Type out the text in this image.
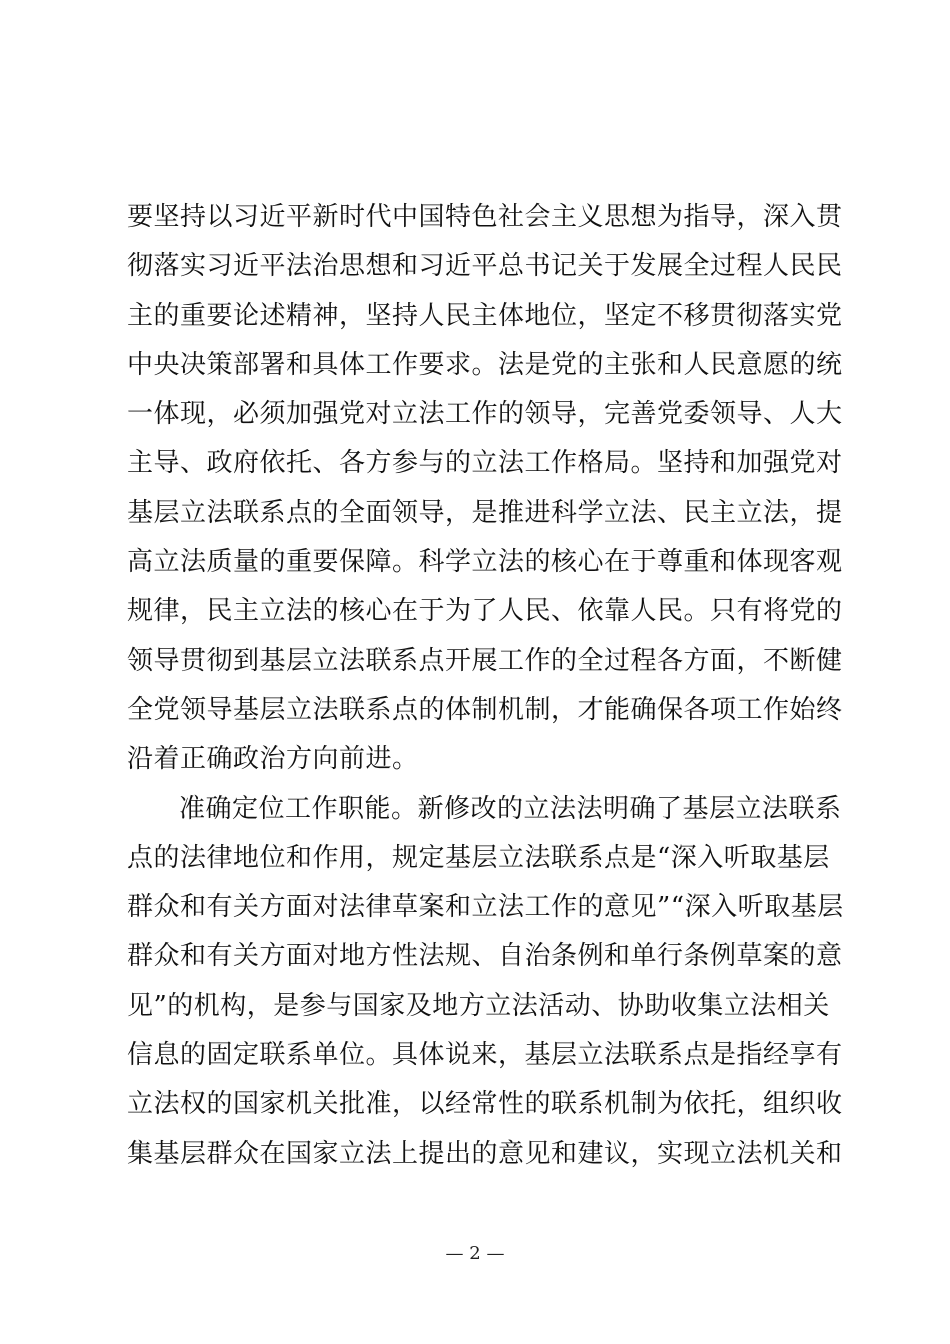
要坚持以习近平新时代中国特色社会主义思想为指导，深入贯
彻落实习近平法治思想和习近平总书记关于发展全过程人民民
主的重要论述精神，坚持人民主体地位，坚定不移贯彻落实党
中央决策部署和具体工作要求。法是党的主张和人民意愿的统
一体现，必须加强党对立法工作的领导，完善党委领导、人大
主导、政府依托、各方参与的立法工作格局。坚持和加强党对
基层立法联系点的全面领导，是推进科学立法、民主立法，提
高立法质量的重要保障。科学立法的核心在于尊重和体现客观
规律，民主立法的核心在于为了人民、依靠人民。只有将党的
领导贯彻到基层立法联系点开展工作的全过程各方面，不断健
全党领导基层立法联系点的体制机制，才能确保各项工作始终
沿着正确政治方向前进。
准确定位工作职能。新修改的立法法明确了基层立法联系
点的法律地位和作用，规定基层立法联系点是“深入听取基层
群众和有关方面对法律草案和立法工作的意见”“深入听取基层
群众和有关方面对地方性法规、自治条例和单行条例草案的意
见”的机构，是参与国家及地方立法活动、协助收集立法相关
信息的固定联系单位。具体说来，基层立法联系点是指经享有
立法权的国家机关批准，以经常性的联系机制为依托，组织收
集基层群众在国家立法上提出的意见和建议，实现立法机关和
— 2 —
